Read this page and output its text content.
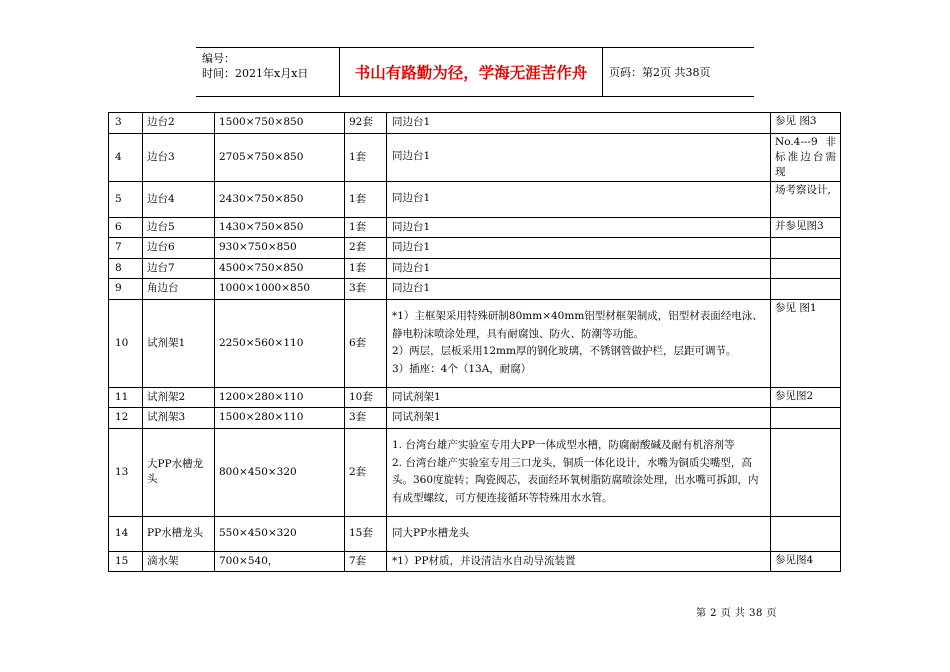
编号：
时间：2021年x月x日	书山有路勤为径，学海无涯苦作舟	页码：第2页 共38页
3	边台2	1500×750×850	92套	同边台1	参见 图3
4	边台3	2705×750×850	1套	同边台1	No.4---9 非标准边台需现
5	边台4	2430×750×850	1套	同边台1	场考察设计,
6	边台5	1430×750×850	1套	同边台1	并参见图3
7	边台6	930×750×850	2套	同边台1	

8	边台7	4500×750×850	1套	同边台1	

9	角边台	1000×1000×850	3套	同边台1	

10	试剂架1	2250×560×110	6套	*1）主框架采用特殊研制80mm×40mm铝型材框架制成，铝型材表面经电泳、静电粉沫喷涂处理，具有耐腐蚀、防火、防潮等功能。
2）两层，层板采用12mm厚的钢化玻璃，不锈钢管做护栏，层距可调节。
3）插座：4个（13A，耐腐）	参见 图1
11	试剂架2	1200×280×110	10套	同试剂架1	参见图2
12	试剂架3	1500×280×110	3套	同试剂架1	

13	大PP水槽龙头	800×450×320	2套	1. 台湾台雄产实验室专用大PP一体成型水槽，防腐耐酸碱及耐有机溶剂等
2. 台湾台雄产实验室专用三口龙头，铜质一体化设计，水嘴为铜质尖嘴型，高头。360度旋转；陶瓷阀芯，表面经环氧树脂防腐喷涂处理，出水嘴可拆卸，内有成型螺纹，可方便连接循环等特殊用水水管。	

14	PP水槽龙头	550×450×320	15套	同大PP水槽龙头	

15	滴水架	700×540，	7套	*1）PP材质，并设清洁水自动导流装置	参见图4
第 2 页 共 38 页
